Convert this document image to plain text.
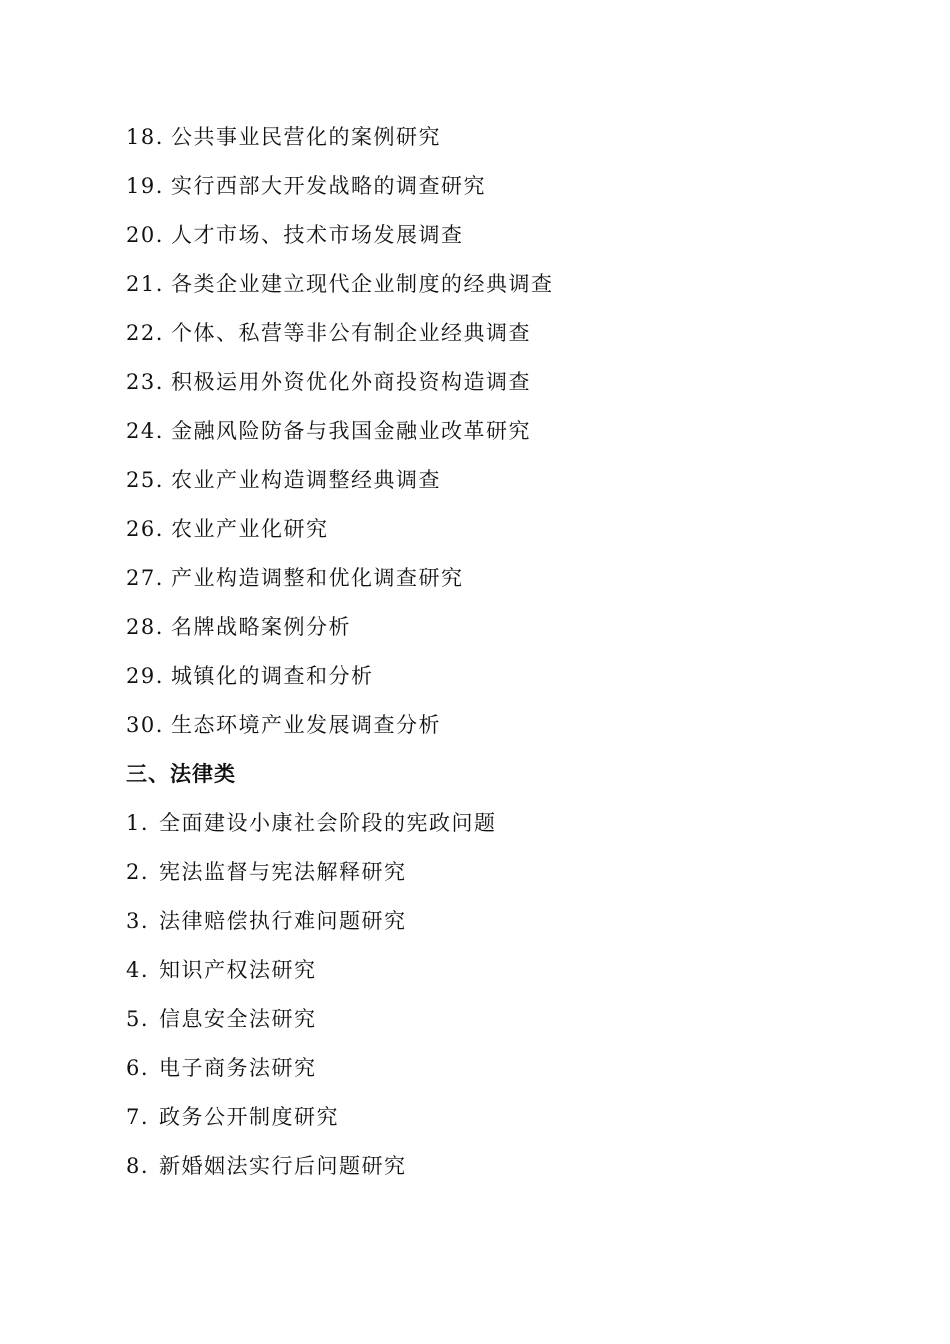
18. 公共事业民营化的案例研究
19. 实行西部大开发战略的调查研究
20. 人才市场、技术市场发展调查
21. 各类企业建立现代企业制度的经典调查
22. 个体、私营等非公有制企业经典调查
23. 积极运用外资优化外商投资构造调查
24. 金融风险防备与我国金融业改革研究
25. 农业产业构造调整经典调查
26. 农业产业化研究
27. 产业构造调整和优化调查研究
28. 名牌战略案例分析
29. 城镇化的调查和分析
30. 生态环境产业发展调查分析
三、法律类
1. 全面建设小康社会阶段的宪政问题
2. 宪法监督与宪法解释研究
3. 法律赔偿执行难问题研究
4. 知识产权法研究
5. 信息安全法研究
6. 电子商务法研究
7. 政务公开制度研究
8. 新婚姻法实行后问题研究
